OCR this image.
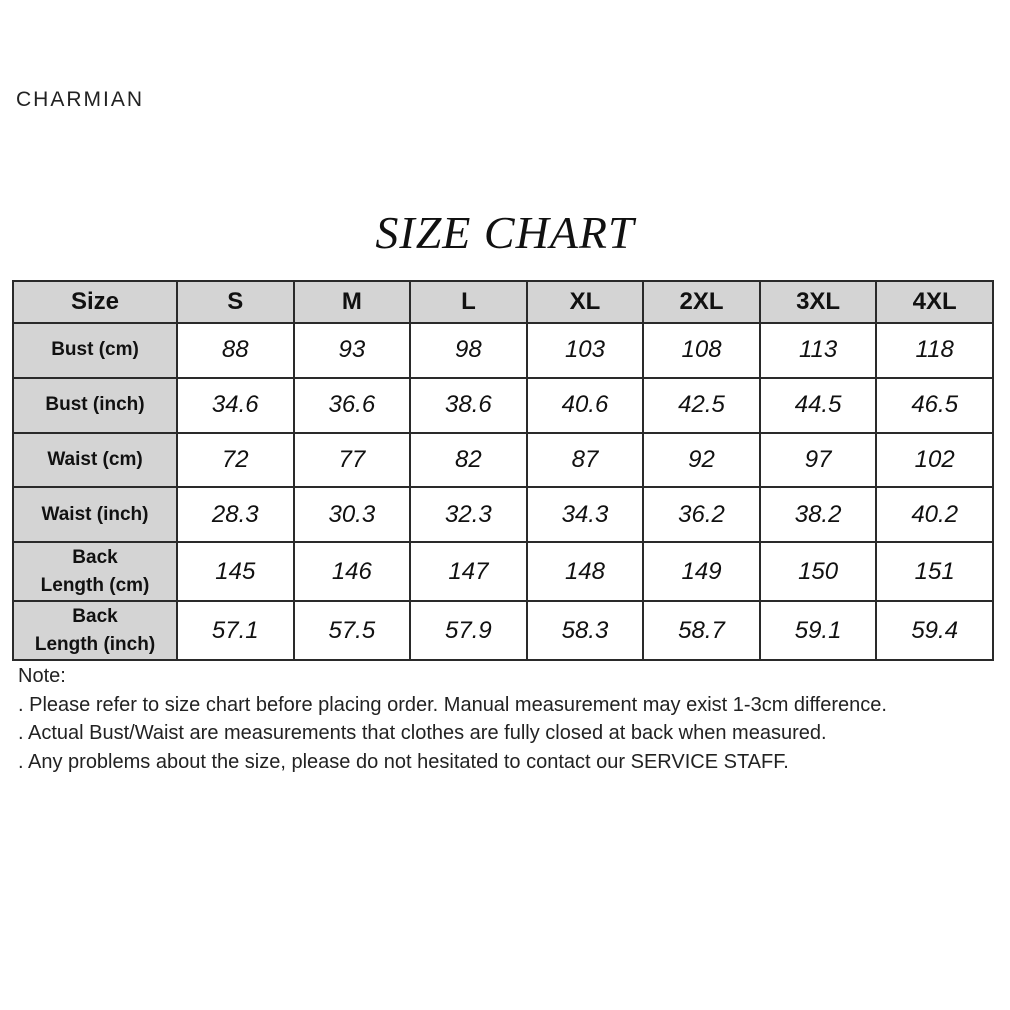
CHARMIAN
SIZE CHART
Size	S	M	L	XL	2XL	3XL	4XL
Bust (cm)	88	93	98	103	108	113	118
Bust (inch)	34.6	36.6	38.6	40.6	42.5	44.5	46.5
Waist (cm)	72	77	82	87	92	97	102
Waist (inch)	28.3	30.3	32.3	34.3	36.2	38.2	40.2
Back
Length (cm)	145	146	147	148	149	150	151
Back
Length (inch)	57.1	57.5	57.9	58.3	58.7	59.1	59.4

Note:

. Please refer to size chart before placing order. Manual measurement may exist 1-3cm difference.

. Actual Bust/Waist are measurements that clothes are fully closed at back when measured.

. Any problems about the size, please do not hesitated to contact our SERVICE STAFF.
